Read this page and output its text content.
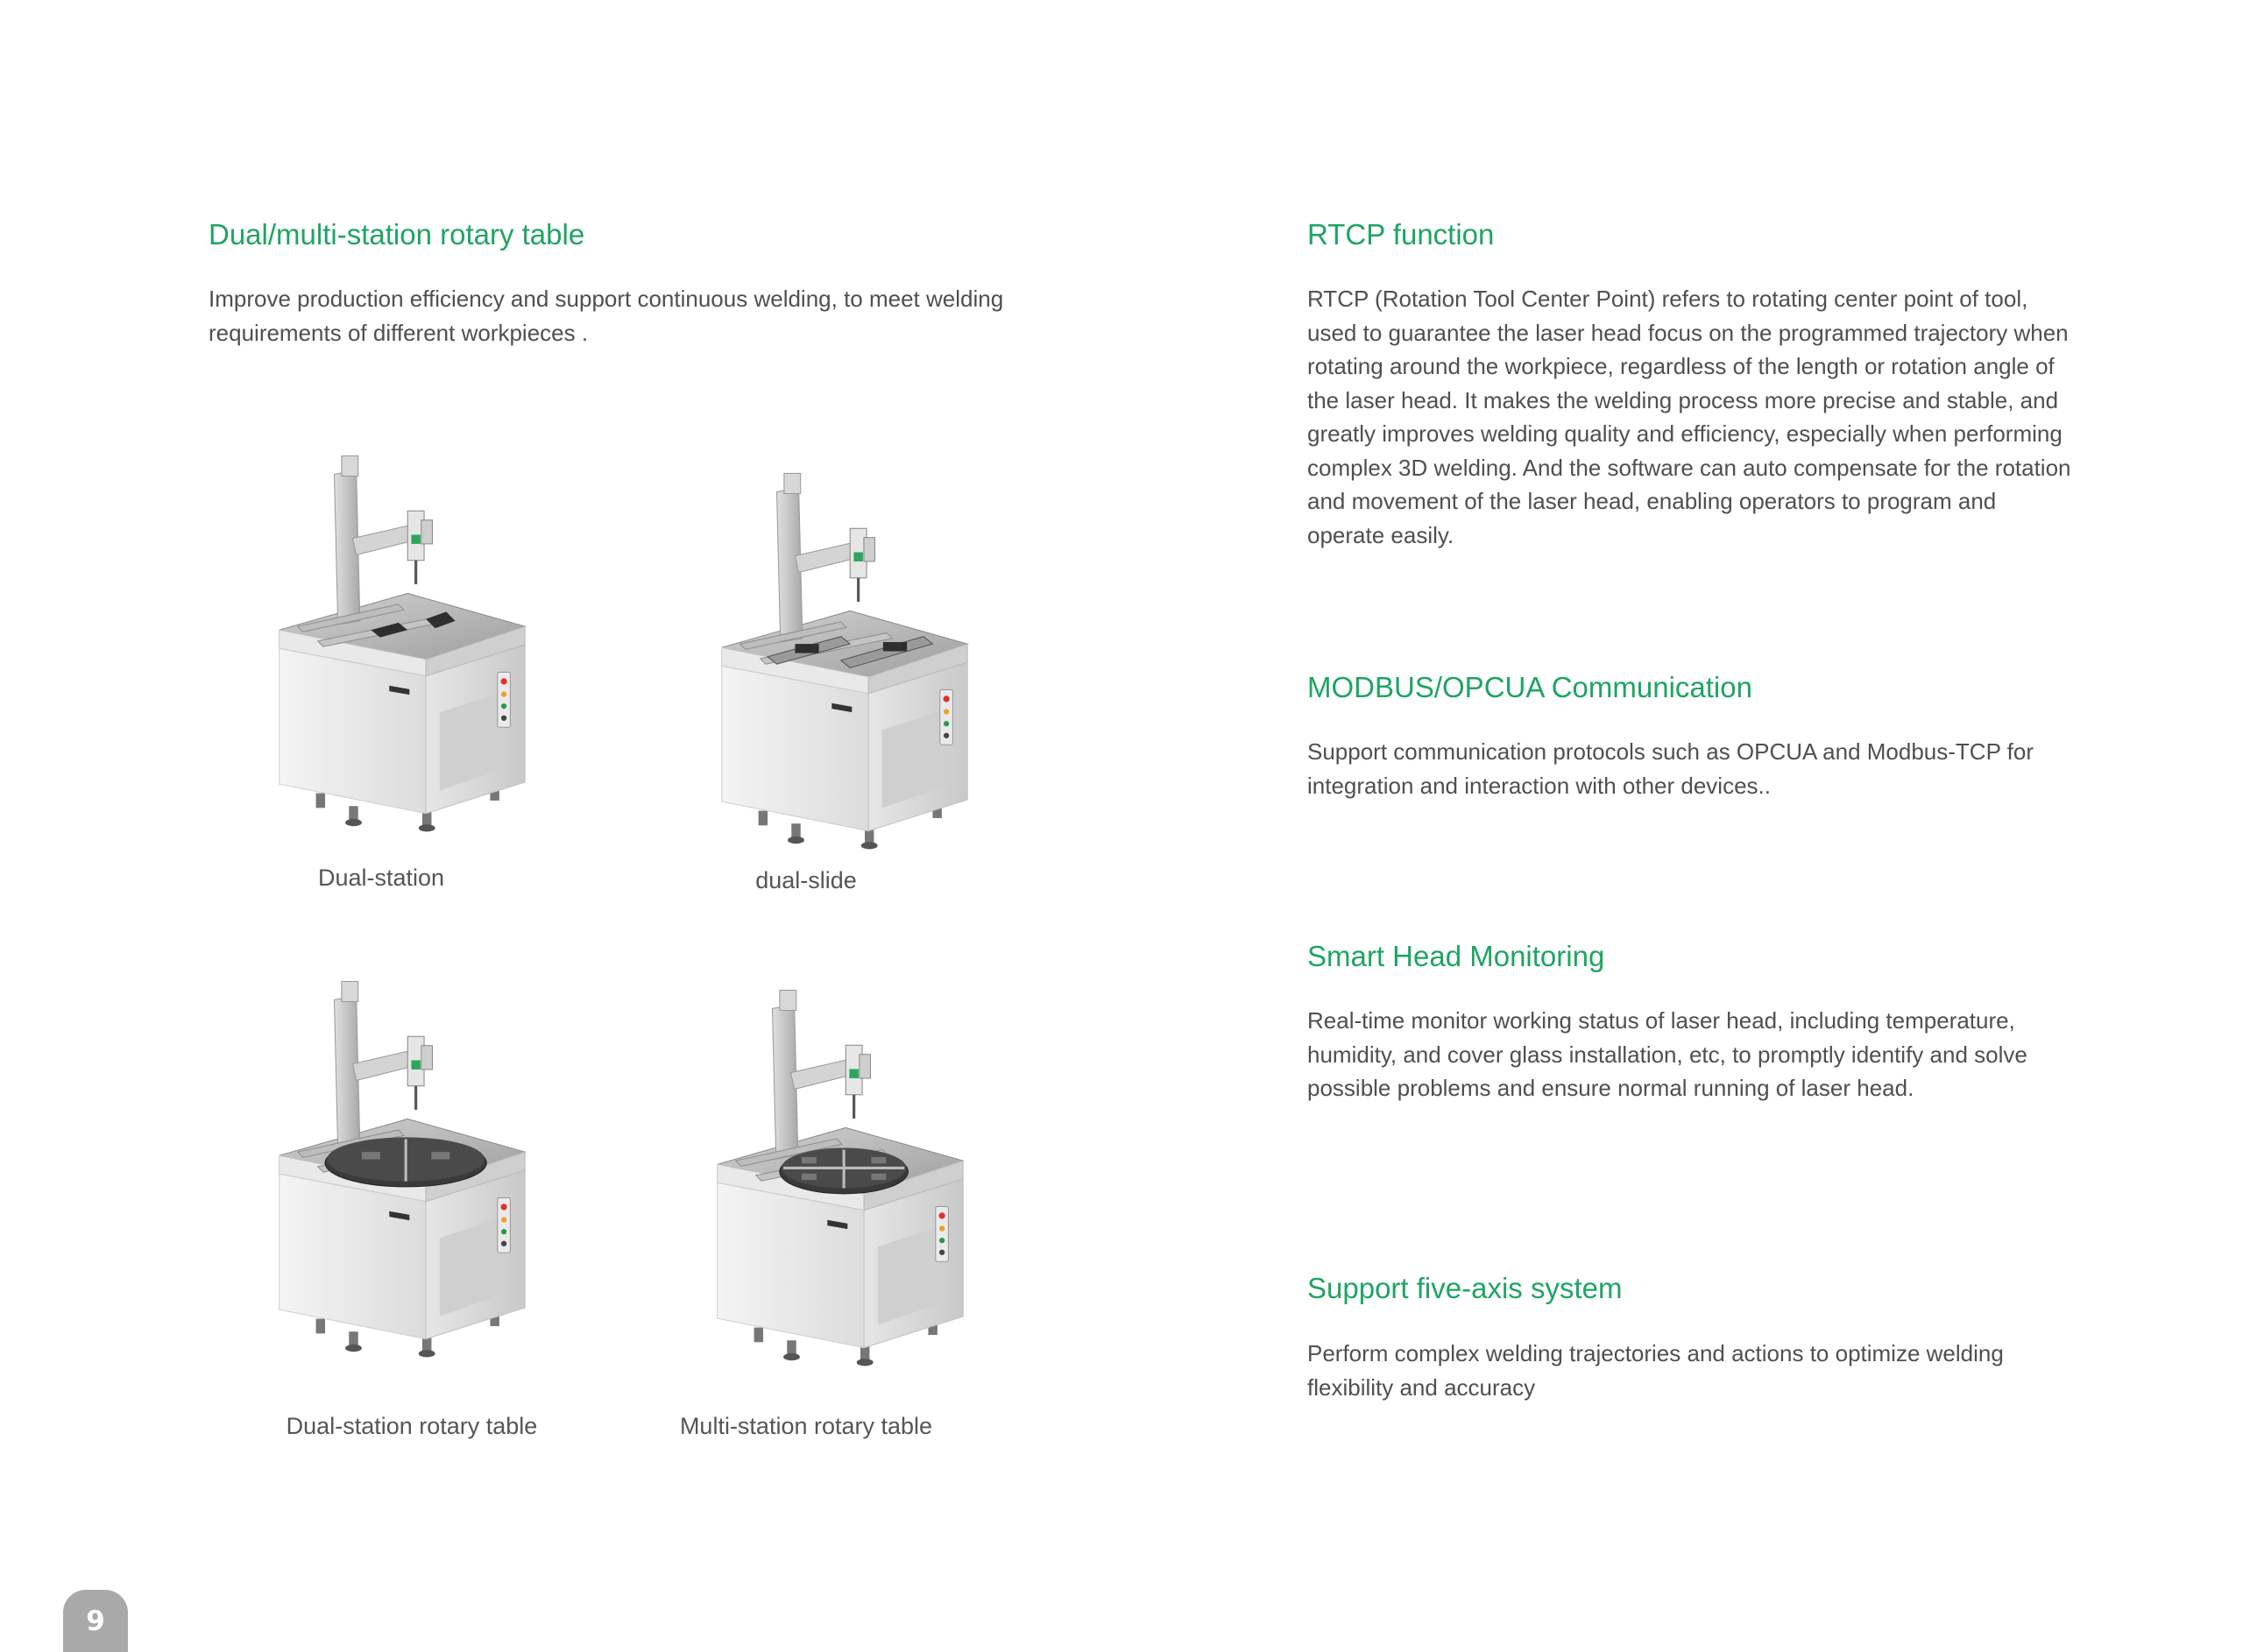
Dual/multi-station rotary table

Improve production efficiency and support continuous welding, to meet welding requirements of different workpieces .

Dual-station	dual-slide

Dual-station rotary table	Multi-station rotary table

RTCP function

RTCP (Rotation Tool Center Point) refers to rotating center point of tool, used to guarantee the laser head focus on the programmed trajectory when rotating around the workpiece, regardless of the length or rotation angle of the laser head. It makes the welding process more precise and stable, and greatly improves welding quality and efficiency, especially when performing complex 3D welding. And the software can auto compensate for the rotation and movement of the laser head, enabling operators to program and operate easily.

MODBUS/OPCUA Communication

Support communication protocols such as OPCUA and Modbus-TCP for integration and interaction with other devices..

Smart Head Monitoring

Real-time monitor working status of laser head, including temperature, humidity, and cover glass installation, etc, to promptly identify and solve possible problems and ensure normal running of laser head.

Support five-axis system

Perform complex welding trajectories and actions to optimize welding flexibility and accuracy

9
